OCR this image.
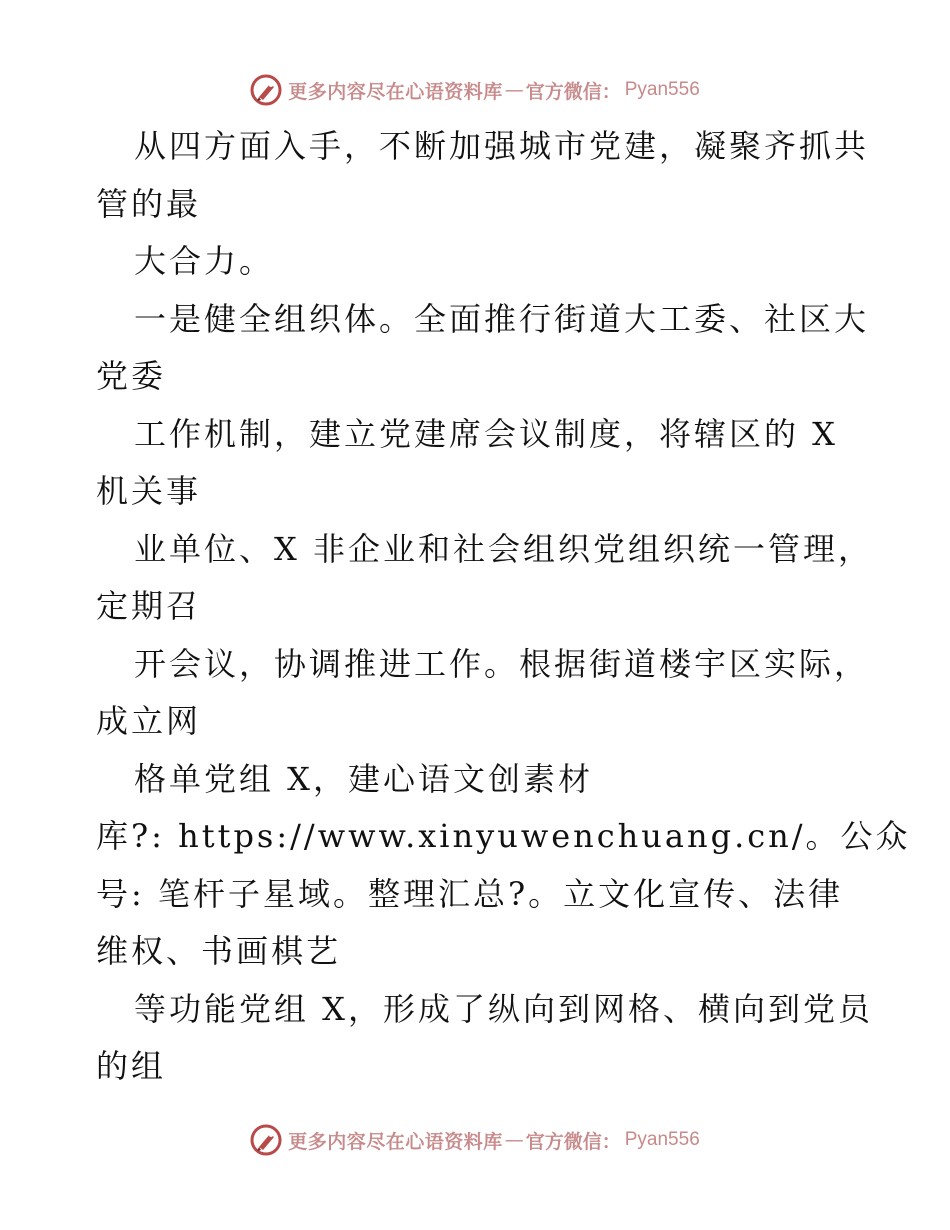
更多内容尽在心语资料库 — 官方微信： Pyan556
从四方面入手，不断加强城市党建，凝聚齐抓共
管的最
大合力。
一是健全组织体。全面推行街道大工委、社区大
党委
工作机制，建立党建席会议制度，将辖区的 X
机关事
业单位、X 非企业和社会组织党组织统一管理，
定期召
开会议，协调推进工作。根据街道楼宇区实际，
成立网
格单党组 X，建心语文创素材
库?: https://www.xinyuwenchuang.cn/。公众
号: 笔杆子星域。整理汇总?。立文化宣传、法律
维权、书画棋艺
等功能党组 X，形成了纵向到网格、横向到党员
的组
更多内容尽在心语资料库 — 官方微信： Pyan556
